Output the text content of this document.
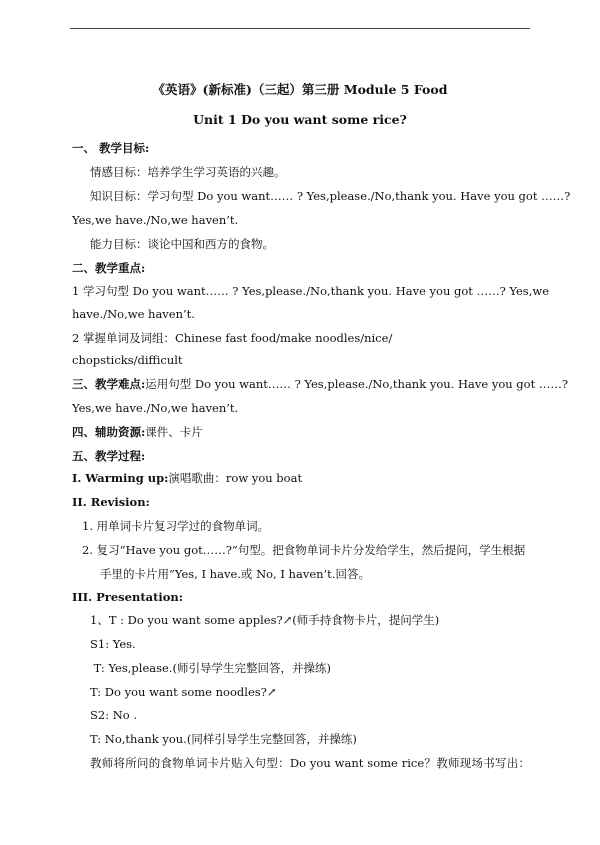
《英语》(新标准)（三起）第三册 Module 5 Food
Unit 1 Do you want some rice?
一、 教学目标:
情感目标：培养学生学习英语的兴趣。
知识目标：学习句型 Do you want…… ? Yes,please./No,thank you. Have you got ……?
Yes,we have./No,we haven’t.
能力目标：谈论中国和西方的食物。
二、教学重点:
1 学习句型 Do you want…… ? Yes,please./No,thank you. Have you got ……? Yes,we
have./No,we haven’t.
2 掌握单词及词组：Chinese fast food/make noodles/nice/
chopsticks/difficult
三、教学难点:运用句型 Do you want…… ? Yes,please./No,thank you. Have you got ……?
Yes,we have./No,we haven’t.
四、辅助资源:课件、卡片
五、教学过程:
I. Warming up:演唱歌曲：row you boat
II. Revision:
1. 用单词卡片复习学过的食物单词。
2. 复习“Have you got……?”句型。把食物单词卡片分发给学生，然后提问，学生根据
手里的卡片用“Yes, I have.或 No, I haven’t.回答。
III. Presentation:
1、T : Do you want some apples?↗(师手持食物卡片，提问学生)
S1: Yes.
T: Yes,please.(师引导学生完整回答，并操练)
T: Do you want some noodles?↗
S2: No .
T: No,thank you.(同样引导学生完整回答，并操练)
教师将所问的食物单词卡片贴入句型：Do you want some rice？教师现场书写出：
